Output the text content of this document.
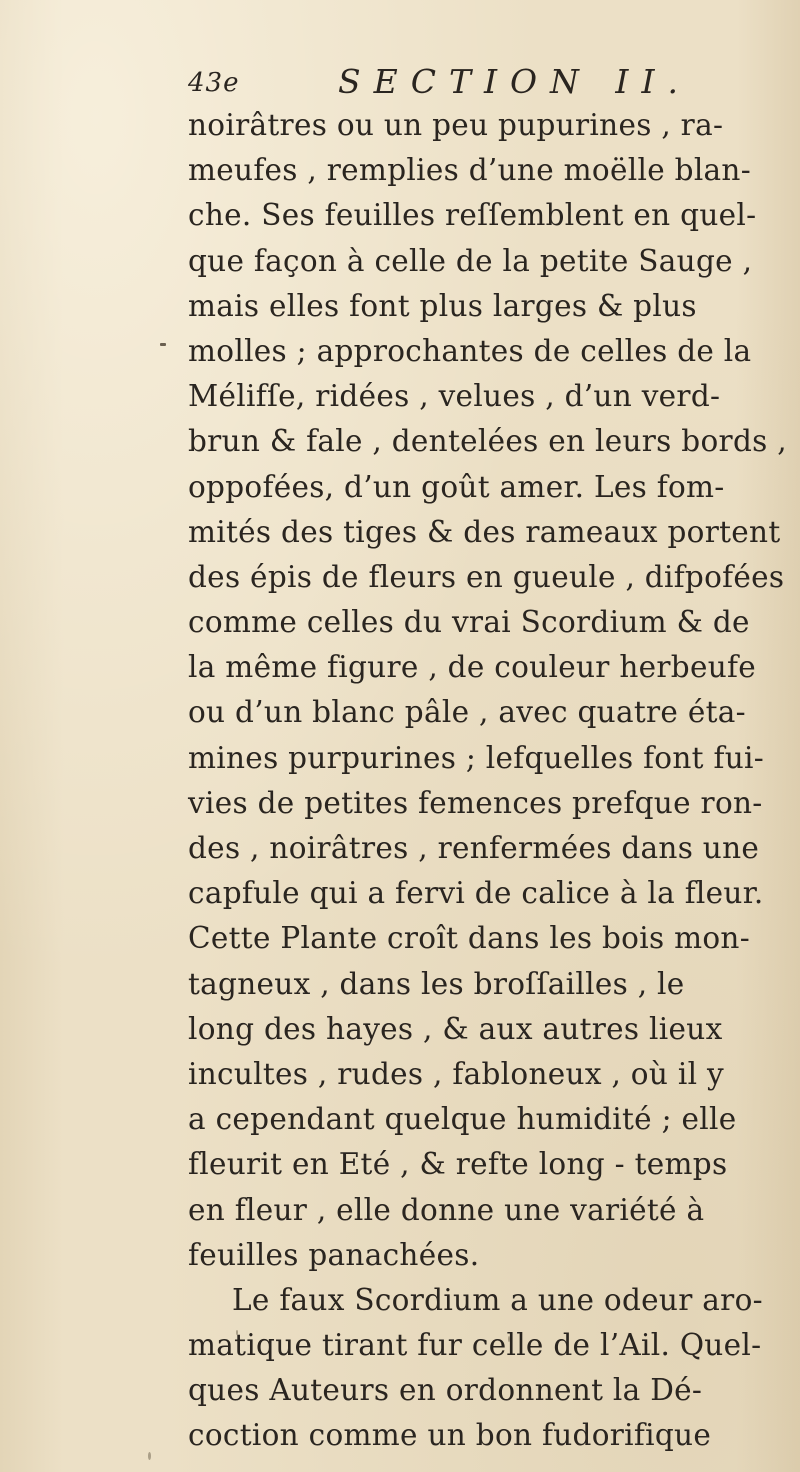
43e	SECTION II.
noirâtres ou un peu pupurines , ra-
meufes , remplies d’une moëlle blan-
che. Ses feuilles reſſemblent en quel-
que façon à celle de la petite Sauge ,
mais elles font plus larges & plus
molles ; approchantes de celles de la
Mélifſe, ridées , velues , d’un verd-
brun & fale , dentelées en leurs bords ,
oppofées, d’un goût amer. Les fom-
mités des tiges & des rameaux portent
des épis de fleurs en gueule , difpofées
comme celles du vrai Scordium & de
la même figure , de couleur herbeufe
ou d’un blanc pâle , avec quatre éta-
mines purpurines ; lefquelles font fui-
vies de petites femences prefque ron-
des , noirâtres , renfermées dans une
capfule qui a fervi de calice à la fleur.
Cette Plante croît dans les bois mon-
tagneux , dans les broſſailles , le
long des hayes , & aux autres lieux
incultes , rudes , fabloneux , où il y
a cependant quelque humidité ; elle
fleurit en Eté , & refte long - temps
en fleur , elle donne une variété à
feuilles panachées.
Le faux Scordium a une odeur aro-
matique tirant fur celle de l’Ail. Quel-
ques Auteurs en ordonnent la Dé-
coction comme un bon fudorifique
